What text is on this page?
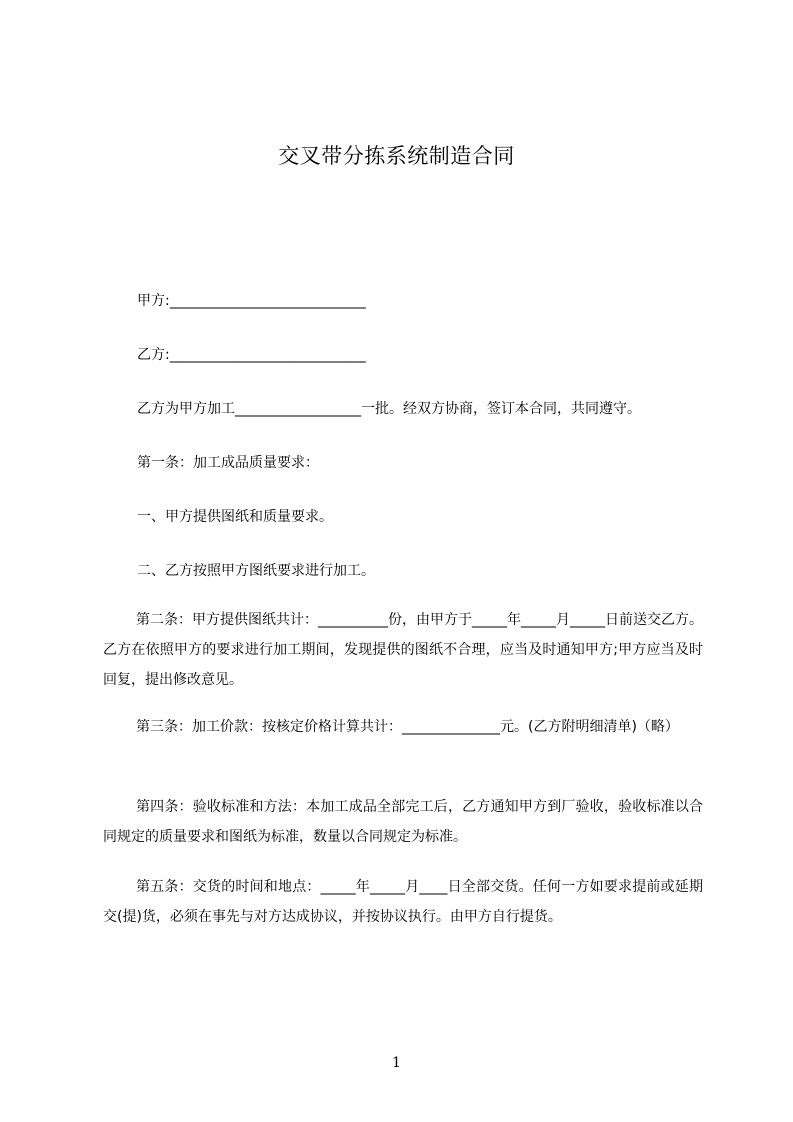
交叉带分拣系统制造合同
甲方:____________________________
乙方:____________________________
乙方为甲方加工__________________一批。经双方协商，签订本合同，共同遵守。
第一条：加工成品质量要求：
一、甲方提供图纸和质量要求。
二、乙方按照甲方图纸要求进行加工。
第二条：甲方提供图纸共计：__________份，由甲方于_____年_____月_____日前送交乙方。乙方在依照甲方的要求进行加工期间，发现提供的图纸不合理，应当及时通知甲方;甲方应当及时回复，提出修改意见。
第三条：加工价款：按核定价格计算共计：______________元。(乙方附明细清单)（略）
第四条：验收标准和方法：本加工成品全部完工后，乙方通知甲方到厂验收，验收标准以合同规定的质量要求和图纸为标准，数量以合同规定为标准。
第五条：交货的时间和地点：_____年_____月____日全部交货。任何一方如要求提前或延期交(提)货，必须在事先与对方达成协议，并按协议执行。由甲方自行提货。
1
